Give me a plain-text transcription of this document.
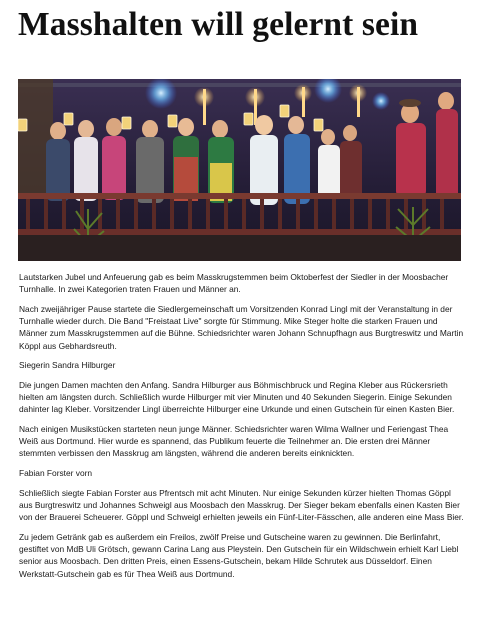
Masshalten will gelernt sein

Lautstarken Jubel und Anfeuerung gab es beim Masskrugstemmen beim Oktoberfest der Siedler in der Moosbacher Turnhalle. In zwei Kategorien traten Frauen und Männer an.

Nach zweijähriger Pause startete die Siedlergemeinschaft um Vorsitzenden Konrad Lingl mit der Veranstaltung in der Turnhalle wieder durch. Die Band "Freistaat Live" sorgte für Stimmung. Mike Steger holte die starken Frauen und Männer zum Masskrugstemmen auf die Bühne. Schiedsrichter waren Johann Schnupfhagn aus Burgtreswitz und Martin Köppl aus Gebhardsreuth.

Siegerin Sandra Hilburger

Die jungen Damen machten den Anfang. Sandra Hilburger aus Böhmischbruck und Regina Kleber aus Rückersrieth hielten am längsten durch. Schließlich wurde Hilburger mit vier Minuten und 40 Sekunden Siegerin. Einige Sekunden dahinter lag Kleber. Vorsitzender Lingl überreichte Hilburger eine Urkunde und einen Gutschein für einen Kasten Bier.

Nach einigen Musikstücken starteten neun junge Männer. Schiedsrichter waren Wilma Wallner und Feriengast Thea Weiß aus Dortmund. Hier wurde es spannend, das Publikum feuerte die Teilnehmer an. Die ersten drei Männer stemmten verbissen den Masskrug am längsten, während die anderen bereits einknickten.

Fabian Forster vorn

Schließlich siegte Fabian Forster aus Pfrentsch mit acht Minuten. Nur einige Sekunden kürzer hielten Thomas Göppl aus Burgtreswitz und Johannes Schweigl aus Moosbach den Masskrug. Der Sieger bekam ebenfalls einen Kasten Bier von der Brauerei Scheuerer. Göppl und Schweigl erhielten jeweils ein Fünf-Liter-Fässchen, alle anderen eine Mass Bier.

Zu jedem Getränk gab es außerdem ein Freilos, zwölf Preise und Gutscheine waren zu gewinnen. Die Berlinfahrt, gestiftet von MdB Uli Grötsch, gewann Carina Lang aus Pleystein. Den Gutschein für ein Wildschwein erhielt Karl Liebl senior aus Moosbach. Den dritten Preis, einen Essens-Gutschein, bekam Hilde Schrutek aus Düsseldorf. Einen Werkstatt-Gutschein gab es für Thea Weiß aus Dortmund.
